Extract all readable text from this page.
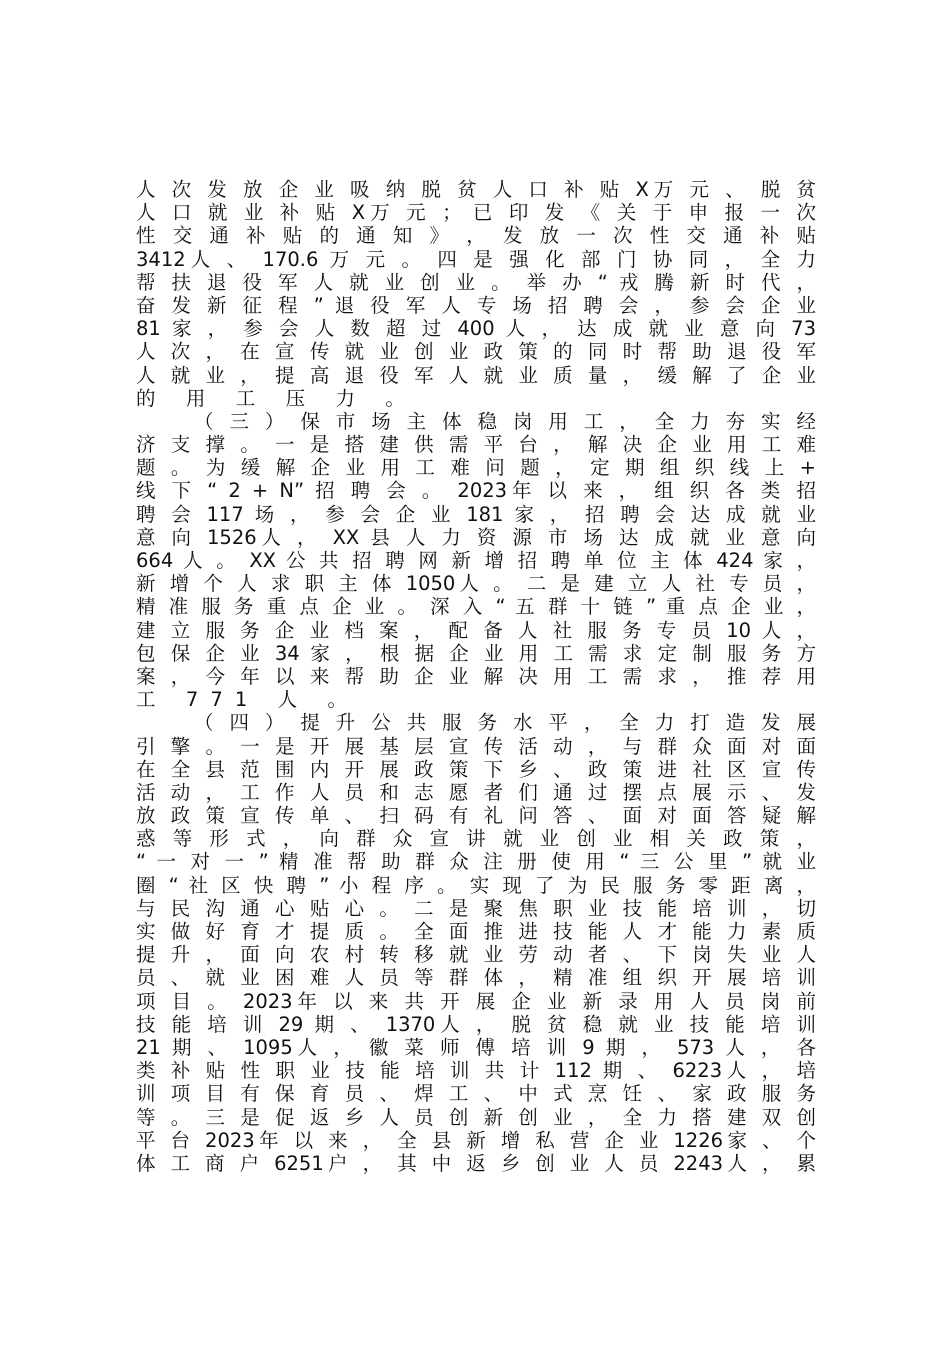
人 次 发 放 企 业 吸 纳 脱 贫 人 口 补 贴 X万 元 、 脱 贫
人 口 就 业 补 贴 X万 元 ； 已 印 发 《 关 于 申 报 一 次
性 交 通 补 贴 的 通 知 》 ， 发 放 一 次 性 交 通 补 贴
3412人 、 170.6 万 元 。 四 是 强 化 部 门 协 同 ， 全 力
帮 扶 退 役 军 人 就 业 创 业 。 举 办 “ 戎 腾 新 时 代 ，
奋 发 新 征 程 ” 退 役 军 人 专 场 招 聘 会 ， 参 会 企 业
81 家 ， 参 会 人 数 超 过 400 人 ， 达 成 就 业 意 向 73
人 次 ， 在 宣 传 就 业 创 业 政 策 的 同 时 帮 助 退 役 军
人 就 业 ， 提 高 退 役 军 人 就 业 质 量 ， 缓 解 了 企 业
的 用 工 压 力 。
（ 三 ） 保 市 场 主 体 稳 岗 用 工 ， 全 力 夯 实 经
济 支 撑 。 一 是 搭 建 供 需 平 台 ， 解 决 企 业 用 工 难
题 。 为 缓 解 企 业 用 工 难 问 题 ， 定 期 组 织 线 上 +
线 下 “ 2 + N” 招 聘 会 。 2023年 以 来 ， 组 织 各 类 招
聘 会 117 场 ， 参 会 企 业 181 家 ， 招 聘 会 达 成 就 业
意 向 1526人 ， XX 县 人 力 资 源 市 场 达 成 就 业 意 向
664 人 。 XX 公 共 招 聘 网 新 增 招 聘 单 位 主 体 424 家 ，
新 增 个 人 求 职 主 体 1050人 。 二 是 建 立 人 社 专 员 ，
精 准 服 务 重 点 企 业 。 深 入 “ 五 群 十 链 ” 重 点 企 业 ，
建 立 服 务 企 业 档 案 ， 配 备 人 社 服 务 专 员 10 人 ，
包 保 企 业 34 家 ， 根 据 企 业 用 工 需 求 定 制 服 务 方
案 ， 今 年 以 来 帮 助 企 业 解 决 用 工 需 求 ， 推 荐 用
工 771 人 。
（ 四 ） 提 升 公 共 服 务 水 平 ， 全 力 打 造 发 展
引 擎 。 一 是 开 展 基 层 宣 传 活 动 ， 与 群 众 面 对 面
在 全 县 范 围 内 开 展 政 策 下 乡 、 政 策 进 社 区 宣 传
活 动 ， 工 作 人 员 和 志 愿 者 们 通 过 摆 点 展 示 、 发
放 政 策 宣 传 单 、 扫 码 有 礼 问 答 、 面 对 面 答 疑 解
惑 等 形 式 ， 向 群 众 宣 讲 就 业 创 业 相 关 政 策 ，
“ 一 对 一 ” 精 准 帮 助 群 众 注 册 使 用 “ 三 公 里 ” 就 业
圈 “ 社 区 快 聘 ” 小 程 序 。 实 现 了 为 民 服 务 零 距 离 ，
与 民 沟 通 心 贴 心 。 二 是 聚 焦 职 业 技 能 培 训 ， 切
实 做 好 育 才 提 质 。 全 面 推 进 技 能 人 才 能 力 素 质
提 升 ， 面 向 农 村 转 移 就 业 劳 动 者 、 下 岗 失 业 人
员 、 就 业 困 难 人 员 等 群 体 ， 精 准 组 织 开 展 培 训
项 目 。 2023年 以 来 共 开 展 企 业 新 录 用 人 员 岗 前
技 能 培 训 29 期 、 1370人 ， 脱 贫 稳 就 业 技 能 培 训
21 期 、 1095人 ， 徽 菜 师 傅 培 训 9 期 ， 573 人 ， 各
类 补 贴 性 职 业 技 能 培 训 共 计 112 期 、 6223人 ， 培
训 项 目 有 保 育 员 、 焊 工 、 中 式 烹 饪 、 家 政 服 务
等 。 三 是 促 返 乡 人 员 创 新 创 业 ， 全 力 搭 建 双 创
平 台 2023年 以 来 ， 全 县 新 增 私 营 企 业 1226家 、 个
体 工 商 户 6251户 ， 其 中 返 乡 创 业 人 员 2243人 ， 累
